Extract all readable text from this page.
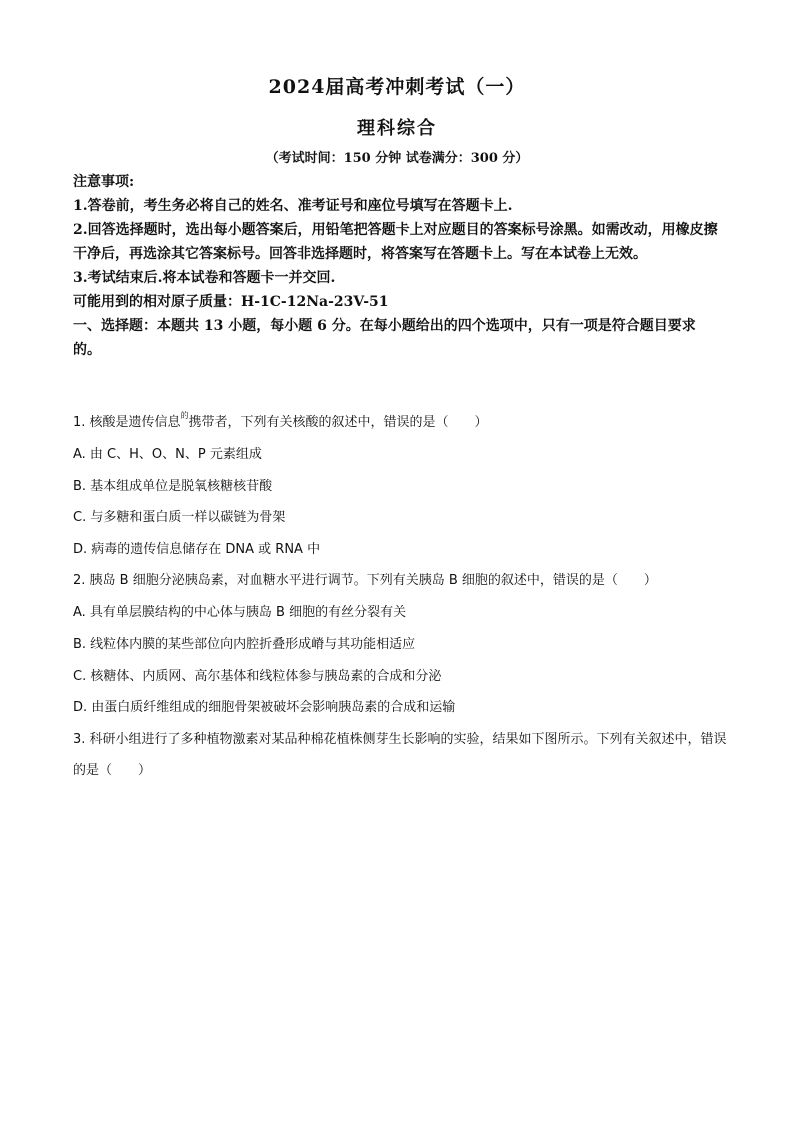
2024届高考冲刺考试（一）
理科综合
（考试时间：150 分钟 试卷满分：300 分）

注意事项:

1.答卷前，考生务必将自己的姓名、准考证号和座位号填写在答题卡上.

2.回答选择题时，选出每小题答案后，用铅笔把答题卡上对应题目的答案标号涂黑。如需改动，用橡皮擦干净后，再选涂其它答案标号。回答非选择题时，将答案写在答题卡上。写在本试卷上无效。

3.考试结束后.将本试卷和答题卡一并交回.

可能用到的相对原子质量：H-1C-12Na-23V-51

一、选择题：本题共 13 小题，每小题 6 分。在每小题给出的四个选项中，只有一项是符合题目要求的。

1. 核酸是遗传信息$^的$携带者，下列有关核酸的叙述中，错误的是（　　）

A. 由 C、H、O、N、P 元素组成

B. 基本组成单位是脱氧核糖核苷酸

C. 与多糖和蛋白质一样以碳链为骨架

D. 病毒的遗传信息储存在 DNA 或 RNA 中

2. 胰岛 B 细胞分泌胰岛素，对血糖水平进行调节。下列有关胰岛 B 细胞的叙述中，错误的是（　　）

A. 具有单层膜结构的中心体与胰岛 B 细胞的有丝分裂有关

B. 线粒体内膜的某些部位向内腔折叠形成嵴与其功能相适应

C. 核糖体、内质网、高尔基体和线粒体参与胰岛素的合成和分泌

D. 由蛋白质纤维组成的细胞骨架被破坏会影响胰岛素的合成和运输

3. 科研小组进行了多种植物激素对某品种棉花植株侧芽生长影响的实验，结果如下图所示。下列有关叙述中，错误的是（　　）
